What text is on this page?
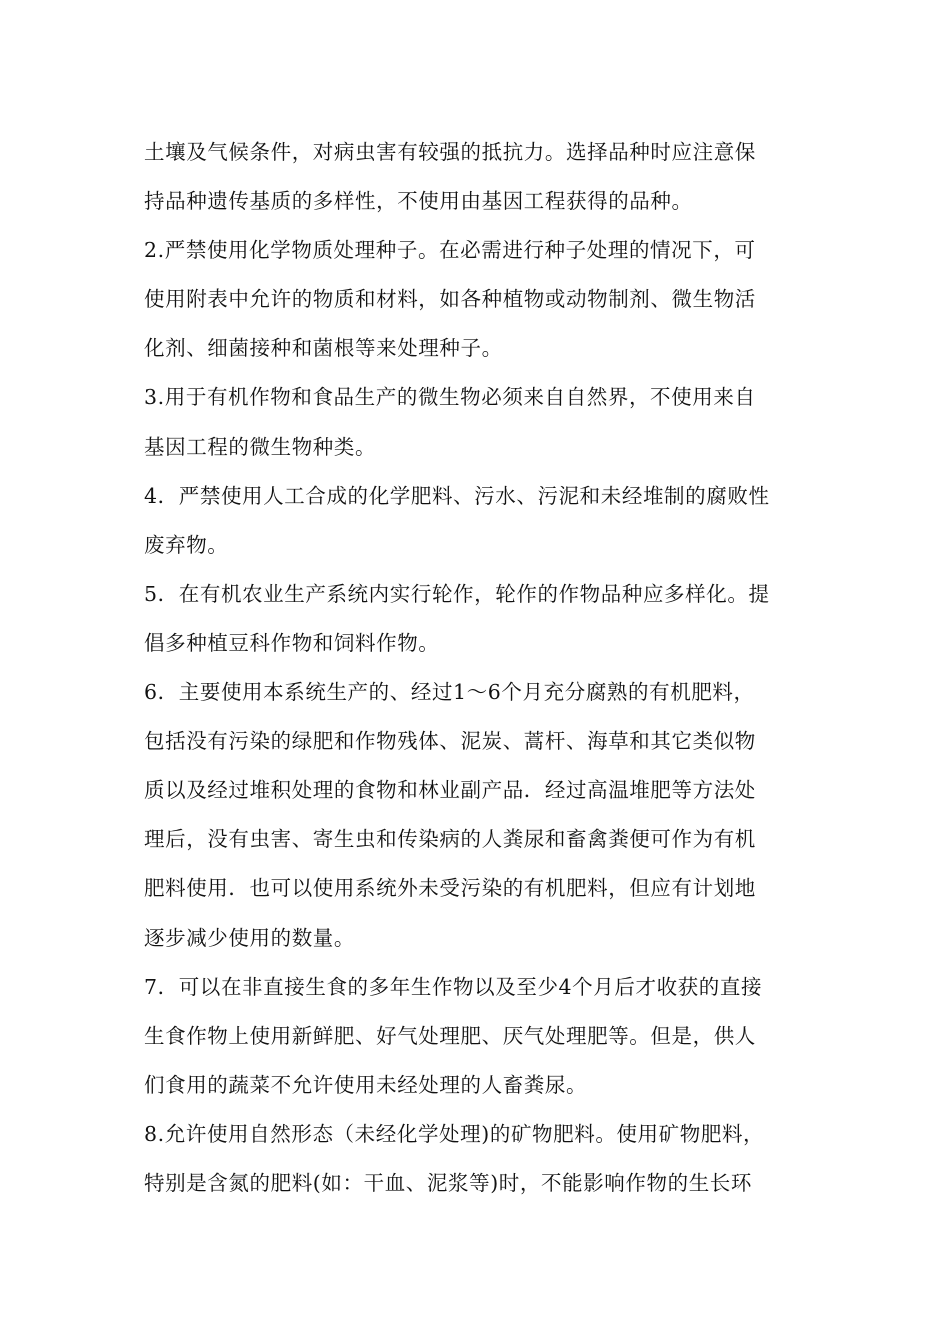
土壤及气候条件，对病虫害有较强的抵抗力。选择品种时应注意保
持品种遗传基质的多样性，不使用由基因工程获得的品种。
2.严禁使用化学物质处理种子。在必需进行种子处理的情况下，可
使用附表中允许的物质和材料，如各种植物或动物制剂、微生物活
化剂、细菌接种和菌根等来处理种子。
3.用于有机作物和食品生产的微生物必须来自自然界，不使用来自
基因工程的微生物种类。
4．严禁使用人工合成的化学肥料、污水、污泥和未经堆制的腐败性
废弃物。
5．在有机农业生产系统内实行轮作，轮作的作物品种应多样化。提
倡多种植豆科作物和饲料作物。
6．主要使用本系统生产的、经过1～6个月充分腐熟的有机肥料，
包括没有污染的绿肥和作物残体、泥炭、蒿杆、海草和其它类似物
质以及经过堆积处理的食物和林业副产品．经过高温堆肥等方法处
理后，没有虫害、寄生虫和传染病的人粪尿和畜禽粪便可作为有机
肥料使用．也可以使用系统外未受污染的有机肥料，但应有计划地
逐步减少使用的数量。
7．可以在非直接生食的多年生作物以及至少4个月后才收获的直接
生食作物上使用新鲜肥、好气处理肥、厌气处理肥等。但是，供人
们食用的蔬菜不允许使用未经处理的人畜粪尿。
8.允许使用自然形态（未经化学处理)的矿物肥料。使用矿物肥料，
特别是含氮的肥料(如：干血、泥浆等)时，不能影响作物的生长环
